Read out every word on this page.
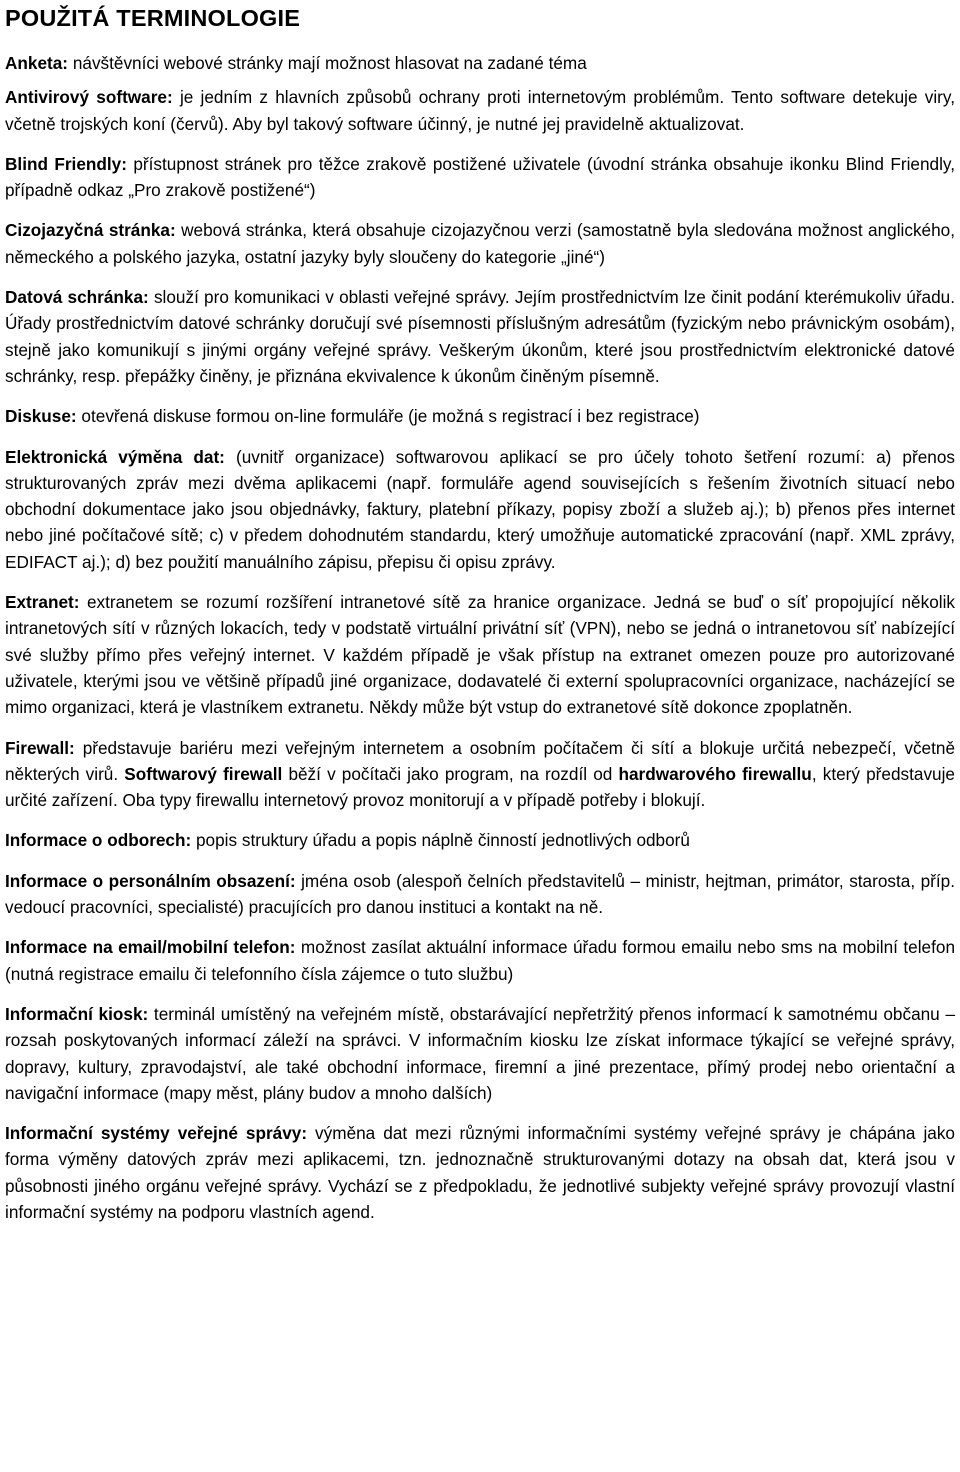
POUŽITÁ TERMINOLOGIE

Anketa: návštěvníci webové stránky mají možnost hlasovat na zadané téma

Antivirový software: je jedním z hlavních způsobů ochrany proti internetovým problémům. Tento software detekuje viry, včetně trojských koní (červů). Aby byl takový software účinný, je nutné jej pravidelně aktualizovat.

Blind Friendly: přístupnost stránek pro těžce zrakově postižené uživatele (úvodní stránka obsahuje ikonku Blind Friendly, případně odkaz „Pro zrakově postižené“)

Cizojazyčná stránka: webová stránka, která obsahuje cizojazyčnou verzi (samostatně byla sledována možnost anglického, německého a polského jazyka, ostatní jazyky byly sloučeny do kategorie „jiné“)

Datová schránka: slouží pro komunikaci v oblasti veřejné správy. Jejím prostřednictvím lze činit podání kterémukoliv úřadu. Úřady prostřednictvím datové schránky doručují své písemnosti příslušným adresátům (fyzickým nebo právnickým osobám), stejně jako komunikují s jinými orgány veřejné správy. Veškerým úkonům, které jsou prostřednictvím elektronické datové schránky, resp. přepážky činěny, je přiznána ekvivalence k úkonům činěným písemně.

Diskuse: otevřená diskuse formou on-line formuláře (je možná s registrací i bez registrace)

Elektronická výměna dat: (uvnitř organizace) softwarovou aplikací se pro účely tohoto šetření rozumí: a) přenos strukturovaných zpráv mezi dvěma aplikacemi (např. formuláře agend souvisejících s řešením životních situací nebo obchodní dokumentace jako jsou objednávky, faktury, platební příkazy, popisy zboží a služeb aj.); b) přenos přes internet nebo jiné počítačové sítě; c) v předem dohodnutém standardu, který umožňuje automatické zpracování (např. XML zprávy, EDIFACT aj.); d) bez použití manuálního zápisu, přepisu či opisu zprávy.

Extranet: extranetem se rozumí rozšíření intranetové sítě za hranice organizace. Jedná se buď o síť propojující několik intranetových sítí v různých lokacích, tedy v podstatě virtuální privátní síť (VPN), nebo se jedná o intranetovou síť nabízející své služby přímo přes veřejný internet. V každém případě je však přístup na extranet omezen pouze pro autorizované uživatele, kterými jsou ve většině případů jiné organizace, dodavatelé či externí spolupracovníci organizace, nacházející se mimo organizaci, která je vlastníkem extranetu. Někdy může být vstup do extranetové sítě dokonce zpoplatněn.

Firewall: představuje bariéru mezi veřejným internetem a osobním počítačem či sítí a blokuje určitá nebezpečí, včetně některých virů. Softwarový firewall běží v počítači jako program, na rozdíl od hardwarového firewallu, který představuje určité zařízení. Oba typy firewallu internetový provoz monitorují a v případě potřeby i blokují.

Informace o odborech: popis struktury úřadu a popis náplně činností jednotlivých odborů

Informace o personálním obsazení: jména osob (alespoň čelních představitelů – ministr, hejtman, primátor, starosta, příp. vedoucí pracovníci, specialisté) pracujících pro danou instituci a kontakt na ně.

Informace na email/mobilní telefon: možnost zasílat aktuální informace úřadu formou emailu nebo sms na mobilní telefon (nutná registrace emailu či telefonního čísla zájemce o tuto službu)

Informační kiosk: terminál umístěný na veřejném místě, obstarávající nepřetržitý přenos informací k samotnému občanu – rozsah poskytovaných informací záleží na správci. V informačním kiosku lze získat informace týkající se veřejné správy, dopravy, kultury, zpravodajství, ale také obchodní informace, firemní a jiné prezentace, přímý prodej nebo orientační a navigační informace (mapy měst, plány budov a mnoho dalších)

Informační systémy veřejné správy: výměna dat mezi různými informačními systémy veřejné správy je chápána jako forma výměny datových zpráv mezi aplikacemi, tzn. jednoznačně strukturovanými dotazy na obsah dat, která jsou v působnosti jiného orgánu veřejné správy. Vychází se z předpokladu, že jednotlivé subjekty veřejné správy provozují vlastní informační systémy na podporu vlastních agend.
